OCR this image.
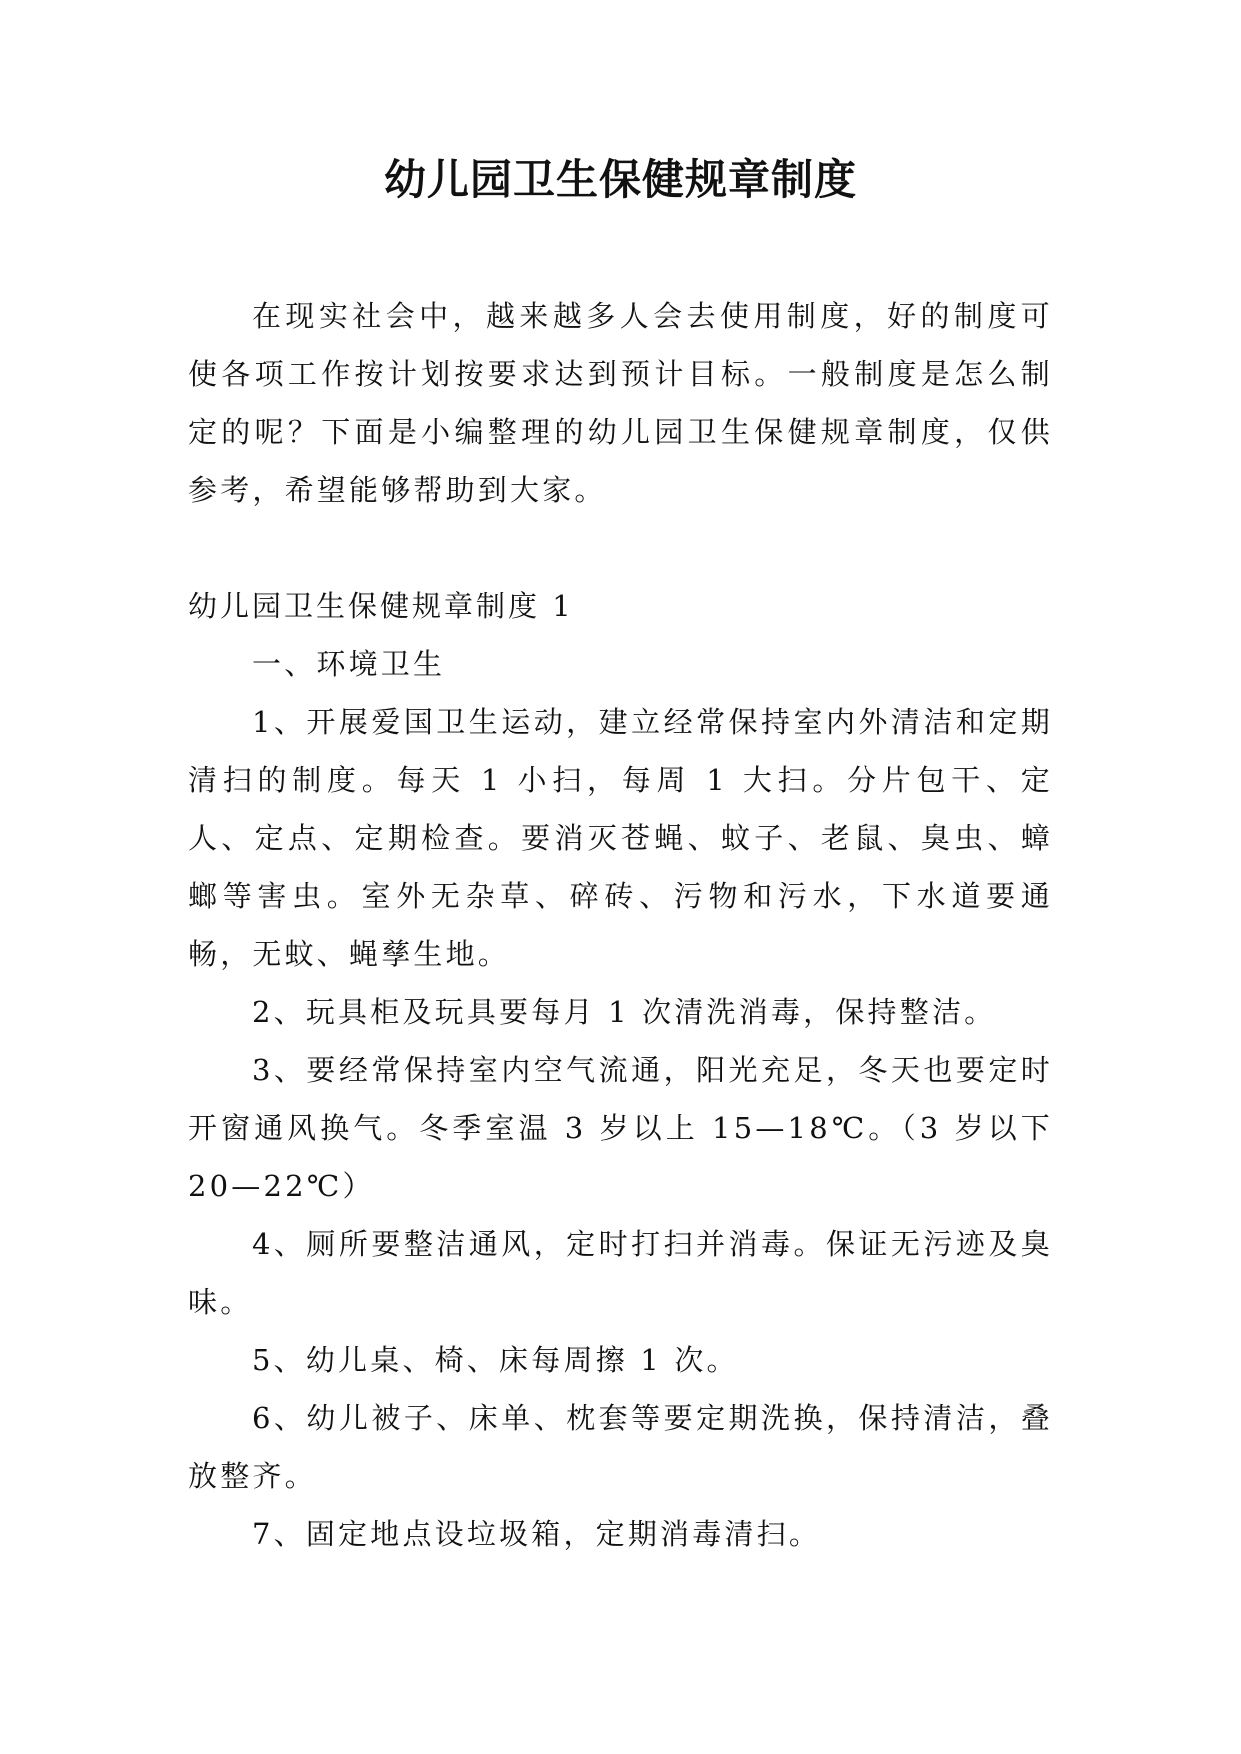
幼儿园卫生保健规章制度

在现实社会中，越来越多人会去使用制度，好的制度可使各项工作按计划按要求达到预计目标。一般制度是怎么制定的呢？下面是小编整理的幼儿园卫生保健规章制度，仅供参考，希望能够帮助到大家。

幼儿园卫生保健规章制度 1

一、环境卫生

1、开展爱国卫生运动，建立经常保持室内外清洁和定期清扫的制度。每天 1 小扫，每周 1 大扫。分片包干、定人、定点、定期检查。要消灭苍蝇、蚊子、老鼠、臭虫、蟑螂等害虫。室外无杂草、碎砖、污物和污水，下水道要通畅，无蚊、蝇孳生地。

2、玩具柜及玩具要每月 1 次清洗消毒，保持整洁。

3、要经常保持室内空气流通，阳光充足，冬天也要定时开窗通风换气。冬季室温 3 岁以上 15—18℃。（3 岁以下 20—22℃）

4、厕所要整洁通风，定时打扫并消毒。保证无污迹及臭味。

5、幼儿桌、椅、床每周擦 1 次。

6、幼儿被子、床单、枕套等要定期洗换，保持清洁，叠放整齐。

7、固定地点设垃圾箱，定期消毒清扫。
